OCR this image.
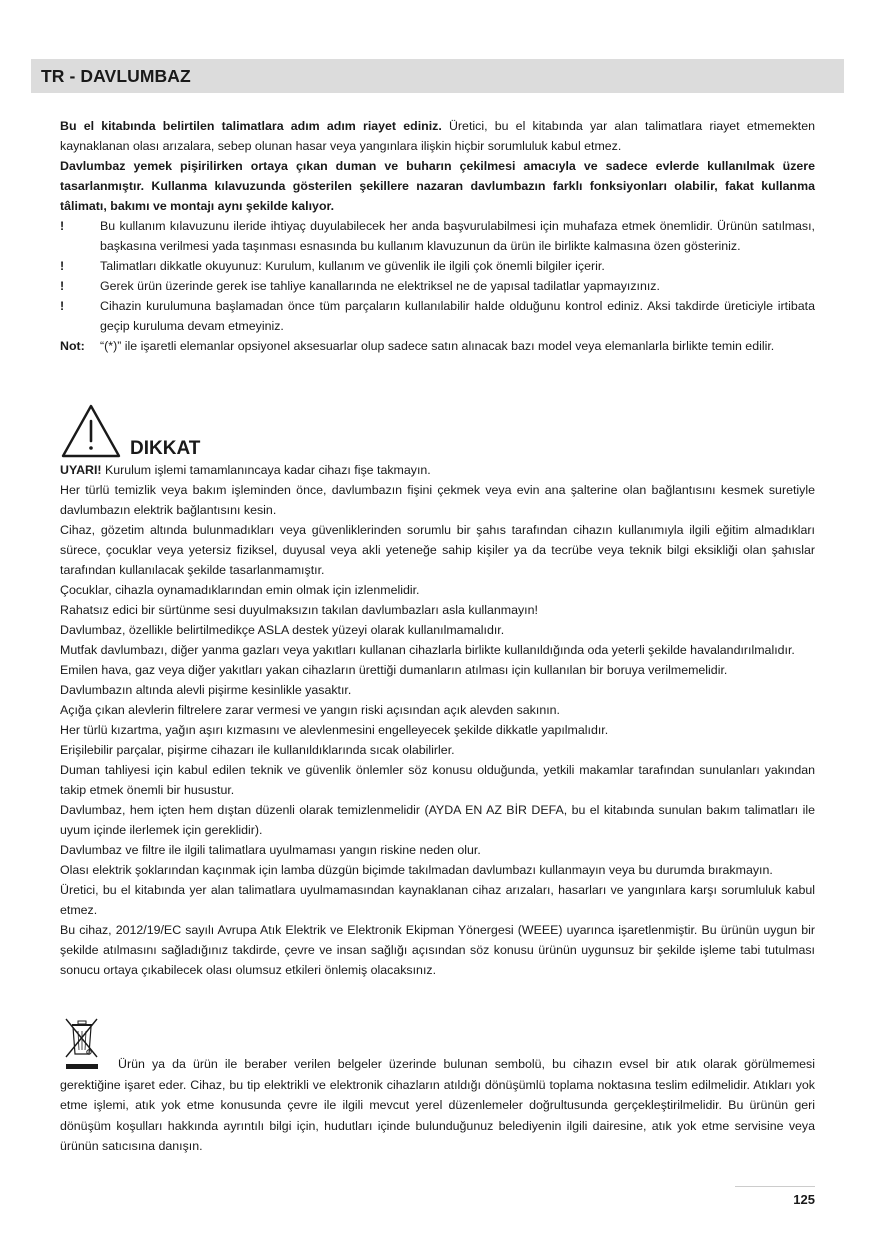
TR - DAVLUMBAZ

Bu el kitabında belirtilen talimatlara adım adım riayet ediniz. Üretici, bu el kitabında yar alan talimatlara riayet etmemekten kaynaklanan olası arızalara, sebep olunan hasar veya yangınlara ilişkin hiçbir sorumluluk kabul etmez.

Davlumbaz yemek pişirilirken ortaya çıkan duman ve buharın çekilmesi amacıyla ve sadece evlerde kullanılmak üzere tasarlanmıştır. Kullanma kılavuzunda gösterilen şekillere nazaran davlumbazın farklı fonksiyonları olabilir, fakat kullanma tâlimatı, bakımı ve montajı aynı şekilde kalıyor.

!	Bu kullanım kılavuzunu ileride ihtiyaç duyulabilecek her anda başvurulabilmesi için muhafaza etmek önemlidir. Ürünün satılması, başkasına verilmesi yada taşınması esnasında bu kullanım klavuzunun da ürün ile birlikte kalmasına özen gösteriniz.
!	Talimatları dikkatle okuyunuz: Kurulum, kullanım ve güvenlik ile ilgili çok önemli bilgiler içerir.
!	Gerek ürün üzerinde gerek ise tahliye kanallarında ne elektriksel ne de yapısal tadilatlar yapmayızınız.
!	Cihazin kurulumuna başlamadan önce tüm parçaların kullanılabilir halde olduğunu kontrol ediniz. Aksi takdirde üreticiyle irtibata geçip kuruluma devam etmeyiniz.
Not: “(*)” ile işaretli elemanlar opsiyonel aksesuarlar olup sadece satın alınacak bazı model veya elemanlarla birlikte temin edilir.
DIKKAT

UYARI! Kurulum işlemi tamamlanıncaya kadar cihazı fişe takmayın.

Her türlü temizlik veya bakım işleminden önce, davlumbazın fişini çekmek veya evin ana şalterine olan bağlantısını kesmek suretiyle davlumbazın elektrik bağlantısını kesin.

Cihaz, gözetim altında bulunmadıkları veya güvenliklerinden sorumlu bir şahıs tarafından cihazın kullanımıyla ilgili eğitim almadıkları sürece, çocuklar veya yetersiz fiziksel, duyusal veya akli yeteneğe sahip kişiler ya da tecrübe veya teknik bilgi eksikliği olan şahıslar tarafından kullanılacak şekilde tasarlanmamıştır.

Çocuklar, cihazla oynamadıklarından emin olmak için izlenmelidir.

Rahatsız edici bir sürtünme sesi duyulmaksızın takılan davlumbazları asla kullanmayın!

Davlumbaz, özellikle belirtilmedikçe ASLA destek yüzeyi olarak kullanılmamalıdır.

Mutfak davlumbazı, diğer yanma gazları veya yakıtları kullanan cihazlarla birlikte kullanıldığında oda yeterli şekilde havalandırılmalıdır.

Emilen hava, gaz veya diğer yakıtları yakan cihazların ürettiği dumanların atılması için kullanılan bir boruya verilmemelidir.

Davlumbazın altında alevli pişirme kesinlikle yasaktır.

Açığa çıkan alevlerin filtrelere zarar vermesi ve yangın riski açısından açık alevden sakının.

Her türlü kızartma, yağın aşırı kızmasını ve alevlenmesini engelleyecek şekilde dikkatle yapılmalıdır.

Erişilebilir parçalar, pişirme cihazarı ile kullanıldıklarında sıcak olabilirler.

Duman tahliyesi için kabul edilen teknik ve güvenlik önlemler söz konusu olduğunda, yetkili makamlar tarafından sunulanları yakından takip etmek önemli bir husustur.

Davlumbaz, hem içten hem dıştan düzenli olarak temizlenmelidir (AYDA EN AZ BİR DEFA, bu el kitabında sunulan bakım talimatları ile uyum içinde ilerlemek için gereklidir).

Davlumbaz ve filtre ile ilgili talimatlara uyulmaması yangın riskine neden olur.

Olası elektrik şoklarından kaçınmak için lamba düzgün biçimde takılmadan davlumbazı kullanmayın veya bu durumda bırakmayın.

Üretici, bu el kitabında yer alan talimatlara uyulmamasından kaynaklanan cihaz arızaları, hasarları ve yangınlara karşı sorumluluk kabul etmez.

Bu cihaz, 2012/19/EC sayılı Avrupa Atık Elektrik ve Elektronik Ekipman Yönergesi (WEEE) uyarınca işaretlenmiştir. Bu ürünün uygun bir şekilde atılmasını sağladığınız takdirde, çevre ve insan sağlığı açısından söz konusu ürünün uygunsuz bir şekilde işleme tabi tutulması sonucu ortaya çıkabilecek olası olumsuz etkileri önlemiş olacaksınız.

Ürün ya da ürün ile beraber verilen belgeler üzerinde bulunan sembolü, bu cihazın evsel bir atık olarak görülmemesi gerektiğine işaret eder. Cihaz, bu tip elektrikli ve elektronik cihazların atıldığı dönüşümlü toplama noktasına teslim edilmelidir. Atıkları yok etme işlemi, atık yok etme konusunda çevre ile ilgili mevcut yerel düzenlemeler doğrultusunda gerçekleştirilmelidir. Bu ürünün geri dönüşüm koşulları hakkında ayrıntılı bilgi için, hudutları içinde bulunduğunuz belediyenin ilgili dairesine, atık yok etme servisine veya ürünün satıcısına danışın.

125
